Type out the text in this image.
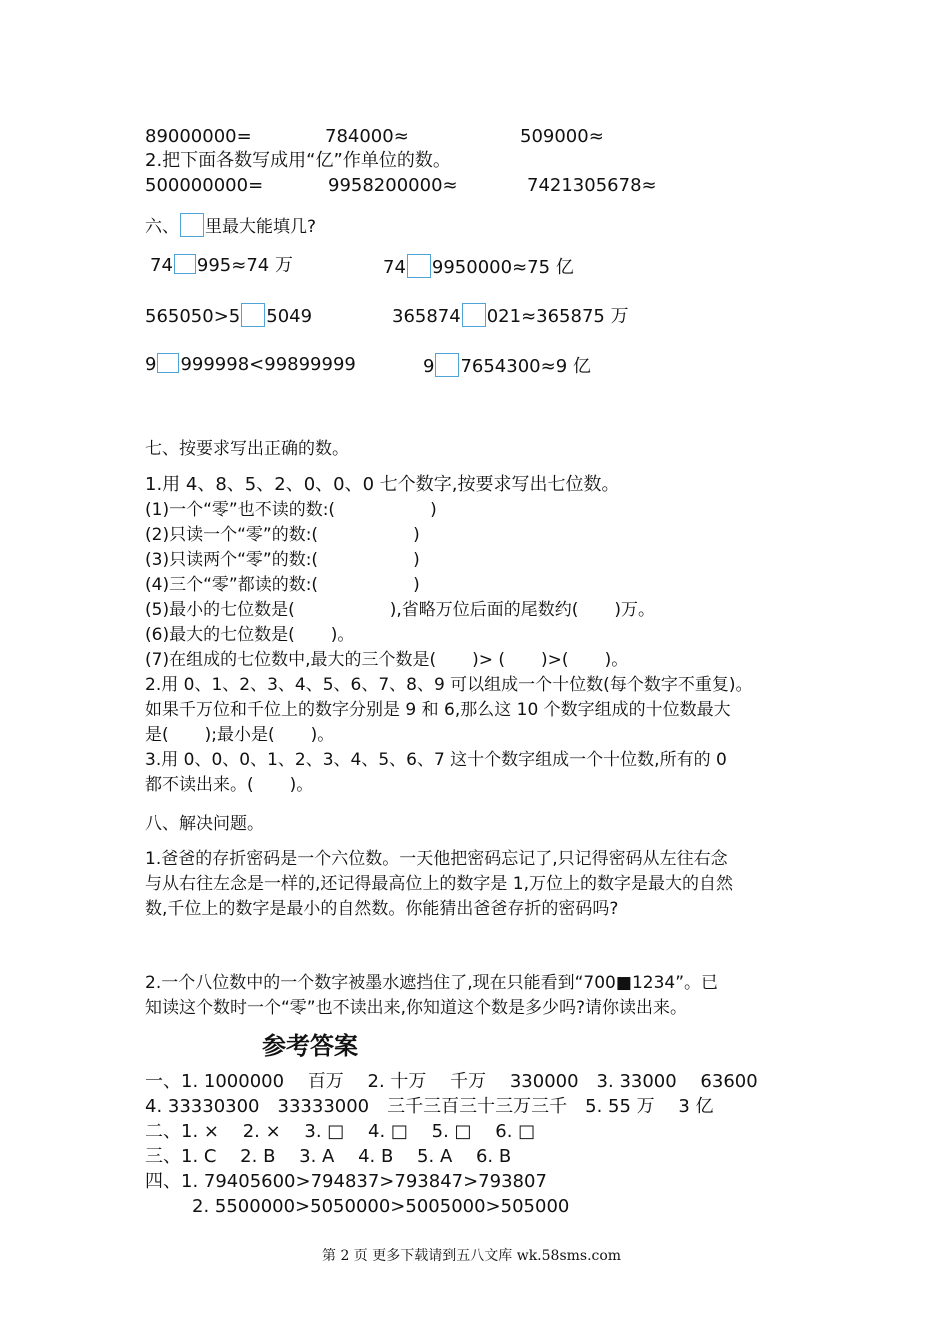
89000000=	784000≈	509000≈
2.把下面各数写成用“亿”作单位的数。
500000000=	9958200000≈	7421305678≈
六、 里最大能填几?
74 995≈74 万	74 9950000≈75 亿
565050>5 5049	365874 021≈365875 万
9 999998<99899999	9 7654300≈9 亿
七、按要求写出正确的数。
1.用 4、8、5、2、0、0、0 七个数字,按要求写出七位数。
(1)一个“零”也不读的数:(	)
(2)只读一个“零”的数:(	)
(3)只读两个“零”的数:(	)
(4)三个“零”都读的数:(	)
(5)最小的七位数是(	),省略万位后面的尾数约( )万。
(6)最大的七位数是( )。
(7)在组成的七位数中,最大的三个数是( )> ( )>( )。
2.用 0、1、2、3、4、5、6、7、8、9 可以组成一个十位数(每个数字不重复)。
如果千万位和千位上的数字分别是 9 和 6,那么这 10 个数字组成的十位数最大
是( );最小是( )。
3.用 0、0、0、1、2、3、4、5、6、7 这十个数字组成一个十位数,所有的 0
都不读出来。( )。
八、解决问题。
1.爸爸的存折密码是一个六位数。一天他把密码忘记了,只记得密码从左往右念
与从右往左念是一样的,还记得最高位上的数字是 1,万位上的数字是最大的自然
数,千位上的数字是最小的自然数。你能猜出爸爸存折的密码吗?
2.一个八位数中的一个数字被墨水遮挡住了,现在只能看到“700■1234”。已
知读这个数时一个“零”也不读出来,你知道这个数是多少吗?请你读出来。
参考答案
一、1. 1000000　 百万　 2. 十万　 千万　 330000　3. 33000　 63600
4. 33330300　33333000　三千三百三十三万三千　5. 55 万　 3 亿
二、1. ×　 2. ×　 3. □　 4. □　 5. □　 6. □
三、1. C　 2. B　 3. A　 4. B　 5. A　 6. B
四、1. 79405600>794837>793847>793807
2. 5500000>5050000>5005000>505000
第 2 页 更多下载请到五八文库 wk.58sms.com
